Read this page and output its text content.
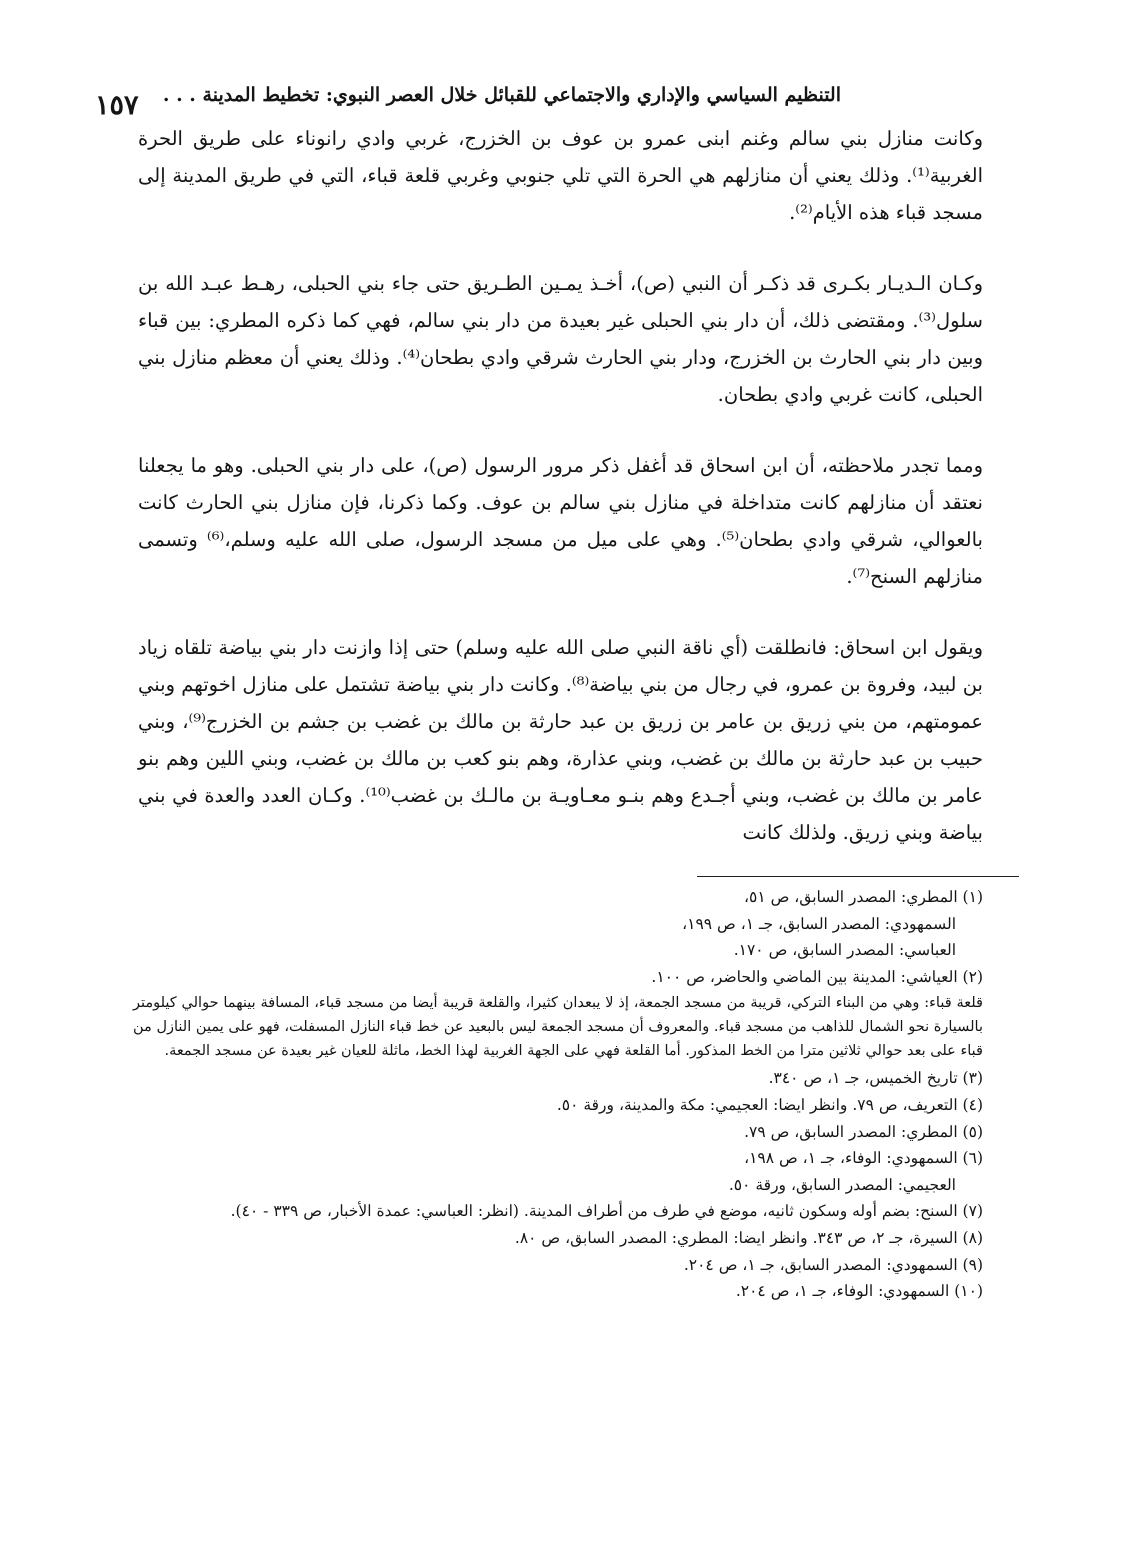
التنظيم السياسي والإداري والاجتماعي للقبائل خلال العصر النبوي: تخطيط المدينة . . .
١٥٧

وكانت منازل بني سالم وغنم ابنى عمرو بن عوف بن الخزرج، غربي وادي رانوناء على طريق الحرة الغربية⁽¹⁾. وذلك يعني أن منازلهم هي الحرة التي تلي جنوبي وغربي قلعة قباء، التي في طريق المدينة إلى مسجد قباء هذه الأيام⁽²⁾.

وكـان الـديـار بكـرى قد ذكـر أن النبي (ص)، أخـذ يمـين الطـريق حتى جاء بني الحبلى، رهـط عبـد الله بن سلول⁽³⁾. ومقتضى ذلك، أن دار بني الحبلى غير بعيدة من دار بني سالم، فهي كما ذكره المطري: بين قباء وبين دار بني الحارث بن الخزرج، ودار بني الحارث شرقي وادي بطحان⁽⁴⁾. وذلك يعني أن معظم منازل بني الحبلى، كانت غربي وادي بطحان.

ومما تجدر ملاحظته، أن ابن اسحاق قد أغفل ذكر مرور الرسول (ص)، على دار بني الحبلى. وهو ما يجعلنا نعتقد أن منازلهم كانت متداخلة في منازل بني سالم بن عوف. وكما ذكرنا، فإن منازل بني الحارث كانت بالعوالي، شرقي وادي بطحان⁽⁵⁾. وهي على ميل من مسجد الرسول، صلى الله عليه وسلم،⁽⁶⁾ وتسمى منازلهم السنح⁽⁷⁾.

ويقول ابن اسحاق: فانطلقت (أي ناقة النبي صلى الله عليه وسلم) حتى إذا وازنت دار بني بياضة تلقاه زياد بن لبيد، وفروة بن عمرو، في رجال من بني بياضة⁽⁸⁾. وكانت دار بني بياضة تشتمل على منازل اخوتهم وبني عمومتهم، من بني زريق بن عامر بن زريق بن عبد حارثة بن مالك بن غضب بن جشم بن الخزرج⁽⁹⁾، وبني حبيب بن عبد حارثة بن مالك بن غضب، وبني عذارة، وهم بنو كعب بن مالك بن غضب، وبني اللين وهم بنو عامر بن مالك بن غضب، وبني أجـدع وهم بنـو معـاويـة بن مالـك بن غضب⁽¹⁰⁾. وكـان العدد والعدة في بني بياضة وبني زريق. ولذلك كانت

(١) المطري: المصدر السابق، ص ٥١،
السمهودي: المصدر السابق، جـ ١، ص ١٩٩،
العباسي: المصدر السابق، ص ١٧٠.
(٢) العياشي: المدينة بين الماضي والحاضر، ص ١٠٠.
قلعة قباء: وهي من البناء التركي، قريبة من مسجد الجمعة، إذ لا يبعدان كثيرا، والقلعة قريبة أيضا من مسجد قباء، المسافة بينهما حوالي كيلومتر بالسيارة نحو الشمال للذاهب من مسجد قباء. والمعروف أن مسجد الجمعة ليس بالبعيد عن خط قباء النازل المسفلت، فهو على يمين النازل من قباء على بعد حوالي ثلاثين مترا من الخط المذكور. أما القلعة فهي على الجهة الغربية لهذا الخط، ماثلة للعيان غير بعيدة عن مسجد الجمعة.
(٣) تاريخ الخميس، جـ ١، ص ٣٤٠.
(٤) التعريف، ص ٧٩. وانظر ايضا: العجيمي: مكة والمدينة، ورقة ٥٠.
(٥) المطري: المصدر السابق، ص ٧٩.
(٦) السمهودي: الوفاء، جـ ١، ص ١٩٨،
العجيمي: المصدر السابق، ورقة ٥٠.
(٧) السنح: بضم أوله وسكون ثانيه، موضع في طرف من أطراف المدينة. (انظر: العباسي: عمدة الأخبار، ص ٣٣٩ - ٤٠).
(٨) السيرة، جـ ٢، ص ٣٤٣. وانظر ايضا: المطري: المصدر السابق، ص ٨٠.
(٩) السمهودي: المصدر السابق، جـ ١، ص ٢٠٤.
(١٠) السمهودي: الوفاء، جـ ١، ص ٢٠٤.
